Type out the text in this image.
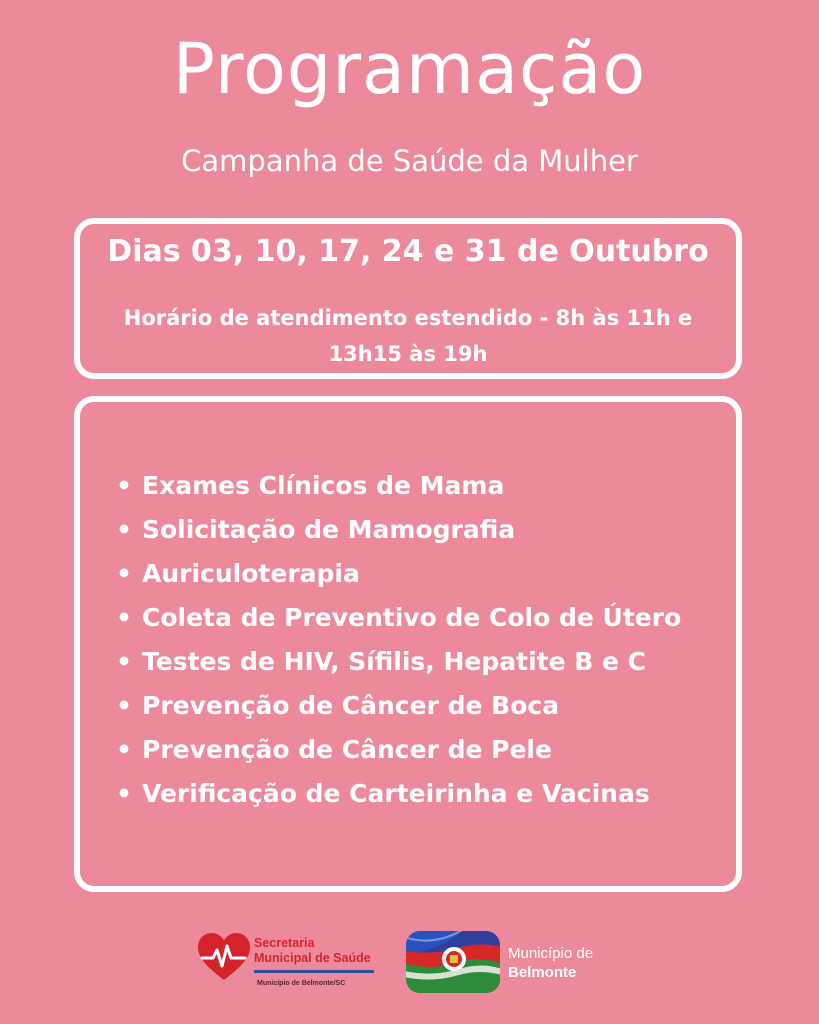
Programação
Campanha de Saúde da Mulher
Dias 03, 10, 17, 24 e 31 de Outubro
Horário de atendimento estendido - 8h às 11h e 13h15 às 19h
• Exames Clínicos de Mama
• Solicitação de Mamografia
• Auriculoterapia
• Coleta de Preventivo de Colo de Útero
• Testes de HIV, Sífilis, Hepatite B e C
• Prevenção de Câncer de Boca
• Prevenção de Câncer de Pele
• Verificação de Carteirinha e Vacinas
Secretaria
Municipal de Saúde
Município de Belmonte/SC
Município de
Belmonte
